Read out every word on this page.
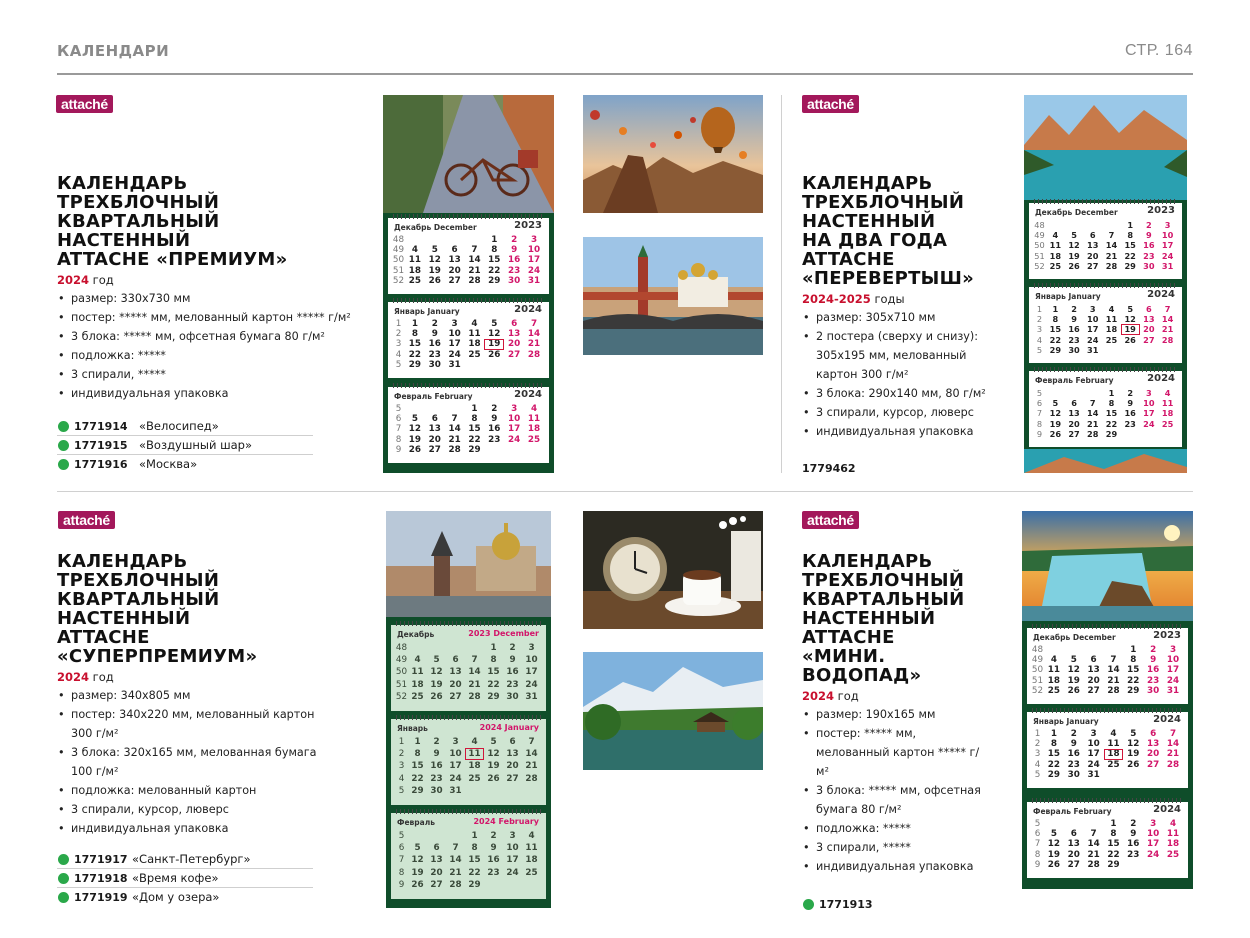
КАЛЕНДАРИ	СТР. 164
attaché	attaché
attaché	attaché
КАЛЕНДАРЬ
ТРЕХБЛОЧНЫЙ
КВАРТАЛЬНЫЙ
НАСТЕННЫЙ
ATTACHE «ПРЕМИУМ»
2024 год
• размер: 330х730 мм
• постер: ***** мм, мелованный картон ***** г/м²
• 3 блока: ***** мм, офсетная бумага 80 г/м²
• подложка: *****
• 3 спирали, *****
• индивидуальная упаковка
1771914 «Велосипед»
1771915 «Воздушный шар»
1771916 «Москва»
КАЛЕНДАРЬ
ТРЕХБЛОЧНЫЙ
НАСТЕННЫЙ
НА ДВА ГОДА
ATTACHE
«ПЕРЕВЕРТЫШ»
2024-2025 годы
• размер: 305х710 мм
• 2 постера (сверху и снизу): 305х195 мм, мелованный картон 300 г/м²
• 3 блока: 290х140 мм, 80 г/м²
• 3 спирали, курсор, люверс
• индивидуальная упаковка
1779462
КАЛЕНДАРЬ
ТРЕХБЛОЧНЫЙ
КВАРТАЛЬНЫЙ
НАСТЕННЫЙ
ATTACHE
«СУПЕРПРЕМИУМ»
2024 год
• размер: 340х805 мм
• постер: 340х220 мм, мелованный картон 300 г/м²
• 3 блока: 320х165 мм, мелованная бумага 100 г/м²
• подложка: мелованный картон
• 3 спирали, курсор, люверс
• индивидуальная упаковка
1771917 «Санкт-Петербург»
1771918 «Время кофе»
1771919 «Дом у озера»
КАЛЕНДАРЬ
ТРЕХБЛОЧНЫЙ
КВАРТАЛЬНЫЙ
НАСТЕННЫЙ
ATTACHE
«МИНИ.
ВОДОПАД»
2024 год
• размер: 190х165 мм
• постер: ***** мм, мелованный картон ***** г/м²
• 3 блока: ***** мм, офсетная бумага 80 г/м²
• подложка: *****
• 3 спирали, *****
• индивидуальная упаковка
1771913
Декабрь December	2023
48					1	2	3
49	4	5	6	7	8	9	10
50	11	12	13	14	15	16	17
51	18	19	20	21	22	23	24
52	25	26	27	28	29	30	31
Январь January	2024
1	1	2	3	4	5	6	7
2	8	9	10	11	12	13	14
3	15	16	17	18	19	20	21
4	22	23	24	25	26	27	28
5	29	30	31				
Февраль February	2024
5				1	2	3	4
6	5	6	7	8	9	10	11
7	12	13	14	15	16	17	18
8	19	20	21	22	23	24	25
9	26	27	28	29			
Декабрь December	2023
48					1	2	3
49	4	5	6	7	8	9	10
50	11	12	13	14	15	16	17
51	18	19	20	21	22	23	24
52	25	26	27	28	29	30	31
Январь January	2024
1	1	2	3	4	5	6	7
2	8	9	10	11	12	13	14
3	15	16	17	18	19	20	21
4	22	23	24	25	26	27	28
5	29	30	31				
Февраль February	2024
5				1	2	3	4
6	5	6	7	8	9	10	11
7	12	13	14	15	16	17	18
8	19	20	21	22	23	24	25
9	26	27	28	29			
Декабрь	2023 December
48					1	2	3
49	4	5	6	7	8	9	10
50	11	12	13	14	15	16	17
51	18	19	20	21	22	23	24
52	25	26	27	28	29	30	31
Январь	2024 January
1	1	2	3	4	5	6	7
2	8	9	10	11	12	13	14
3	15	16	17	18	19	20	21
4	22	23	24	25	26	27	28
5	29	30	31				
Февраль	2024 February
5				1	2	3	4
6	5	6	7	8	9	10	11
7	12	13	14	15	16	17	18
8	19	20	21	22	23	24	25
9	26	27	28	29			
Декабрь December	2023
48					1	2	3
49	4	5	6	7	8	9	10
50	11	12	13	14	15	16	17
51	18	19	20	21	22	23	24
52	25	26	27	28	29	30	31
Январь January	2024
1	1	2	3	4	5	6	7
2	8	9	10	11	12	13	14
3	15	16	17	18	19	20	21
4	22	23	24	25	26	27	28
5	29	30	31				
Февраль February	2024
5				1	2	3	4
6	5	6	7	8	9	10	11
7	12	13	14	15	16	17	18
8	19	20	21	22	23	24	25
9	26	27	28	29			
